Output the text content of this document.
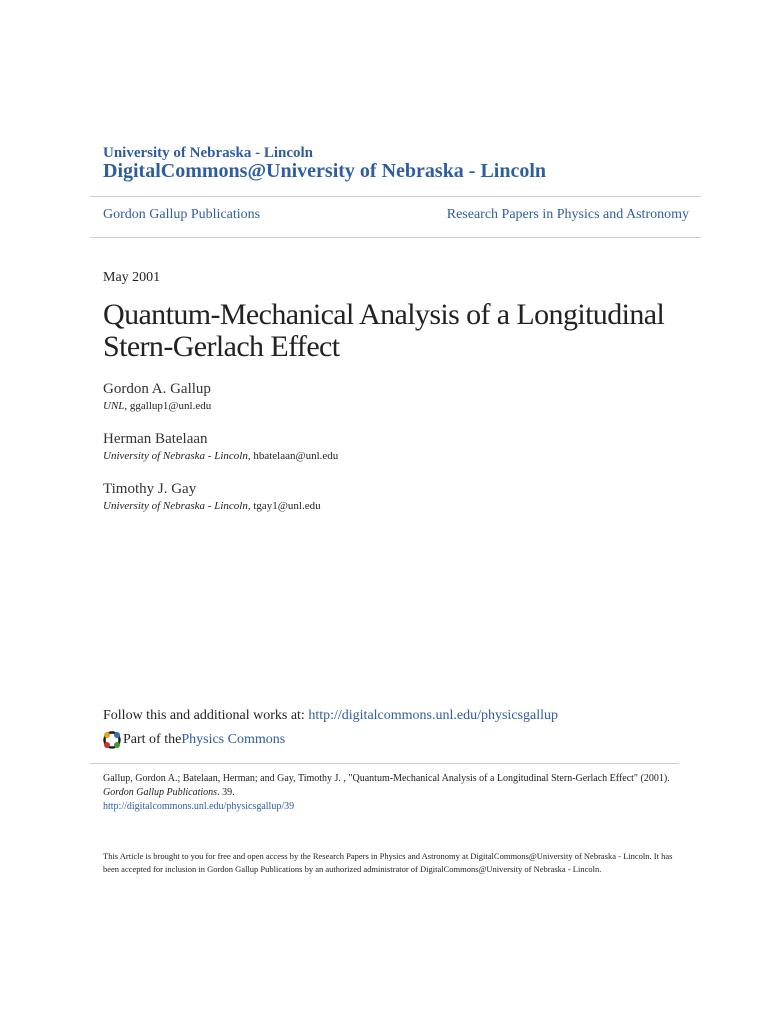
University of Nebraska - Lincoln
DigitalCommons@University of Nebraska - Lincoln
Gordon Gallup Publications	Research Papers in Physics and Astronomy
May 2001
Quantum-Mechanical Analysis of a Longitudinal Stern-Gerlach Effect
Gordon A. Gallup
UNL, ggallup1@unl.edu
Herman Batelaan
University of Nebraska - Lincoln, hbatelaan@unl.edu
Timothy J. Gay
University of Nebraska - Lincoln, tgay1@unl.edu
Follow this and additional works at: http://digitalcommons.unl.edu/physicsgallup
Part of the Physics Commons
Gallup, Gordon A.; Batelaan, Herman; and Gay, Timothy J. , "Quantum-Mechanical Analysis of a Longitudinal Stern-Gerlach Effect" (2001). Gordon Gallup Publications. 39.
http://digitalcommons.unl.edu/physicsgallup/39
This Article is brought to you for free and open access by the Research Papers in Physics and Astronomy at DigitalCommons@University of Nebraska - Lincoln. It has been accepted for inclusion in Gordon Gallup Publications by an authorized administrator of DigitalCommons@University of Nebraska - Lincoln.
